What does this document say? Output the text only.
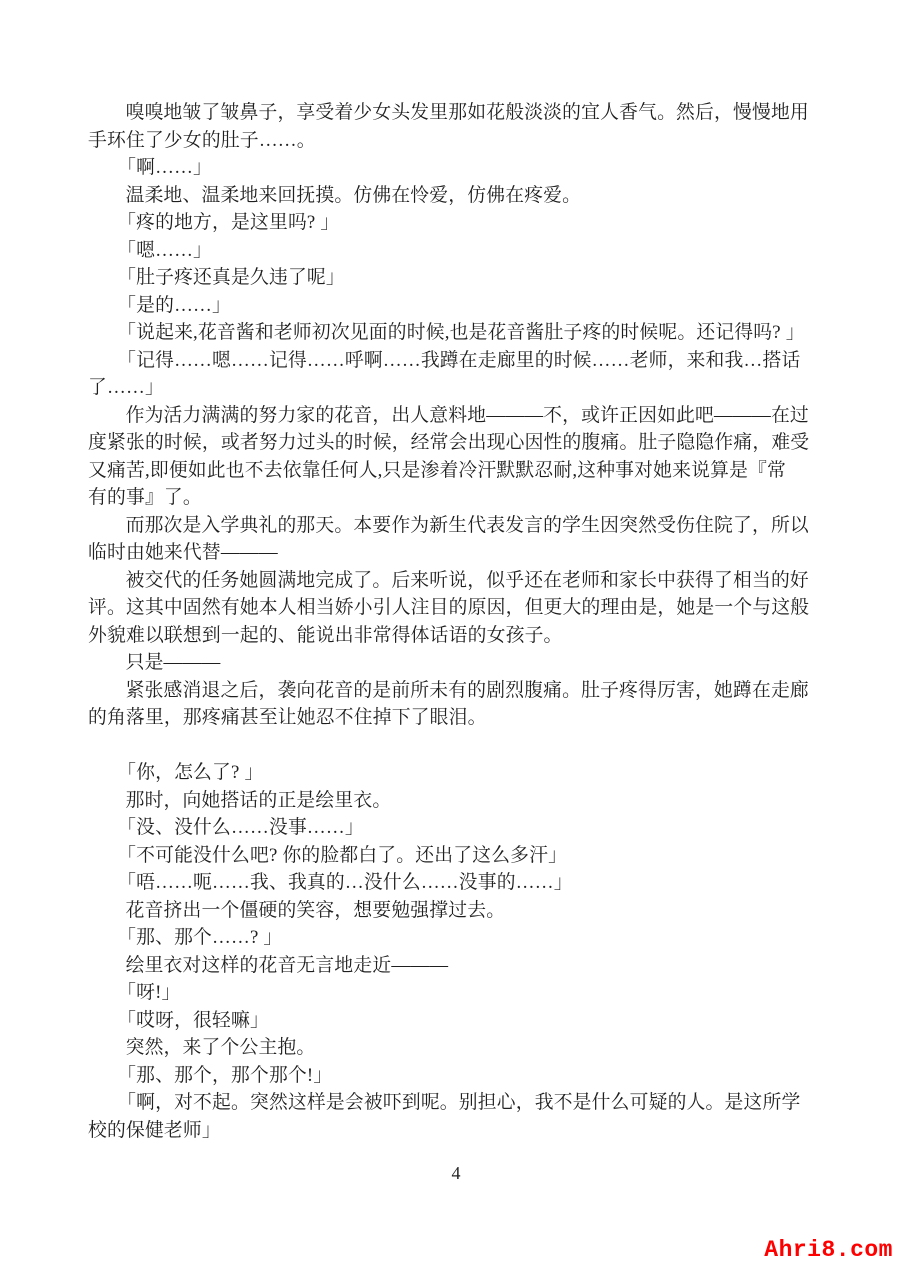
嗅嗅地皱了皱鼻子，享受着少女头发里那如花般淡淡的宜人香气。然后，慢慢地用
手环住了少女的肚子……。
「啊……」
温柔地、温柔地来回抚摸。仿佛在怜爱，仿佛在疼爱。
「疼的地方，是这里吗? 」
「嗯……」
「肚子疼还真是久违了呢」
「是的……」
「说起来,花音酱和老师初次见面的时候,也是花音酱肚子疼的时候呢。还记得吗? 」
「记得……嗯……记得……呼啊……我蹲在走廊里的时候……老师，来和我…搭话
了……」
作为活力满满的努力家的花音，出人意料地———不，或许正因如此吧———在过
度紧张的时候，或者努力过头的时候，经常会出现心因性的腹痛。肚子隐隐作痛，难受
又痛苦,即便如此也不去依靠任何人,只是渗着冷汗默默忍耐,这种事对她来说算是『常
有的事』了。
而那次是入学典礼的那天。本要作为新生代表发言的学生因突然受伤住院了，所以
临时由她来代替———
被交代的任务她圆满地完成了。后来听说，似乎还在老师和家长中获得了相当的好
评。这其中固然有她本人相当娇小引人注目的原因，但更大的理由是，她是一个与这般
外貌难以联想到一起的、能说出非常得体话语的女孩子。
只是———
紧张感消退之后，袭向花音的是前所未有的剧烈腹痛。肚子疼得厉害，她蹲在走廊
的角落里，那疼痛甚至让她忍不住掉下了眼泪。
「你，怎么了? 」
那时，向她搭话的正是绘里衣。
「没、没什么……没事……」
「不可能没什么吧? 你的脸都白了。还出了这么多汗」
「唔……呃……我、我真的…没什么……没事的……」
花音挤出一个僵硬的笑容，想要勉强撑过去。
「那、那个……? 」
绘里衣对这样的花音无言地走近———
「呀!」
「哎呀，很轻嘛」
突然，来了个公主抱。
「那、那个，那个那个!」
「啊，对不起。突然这样是会被吓到呢。别担心，我不是什么可疑的人。是这所学
校的保健老师」
4
Ahri8.com
